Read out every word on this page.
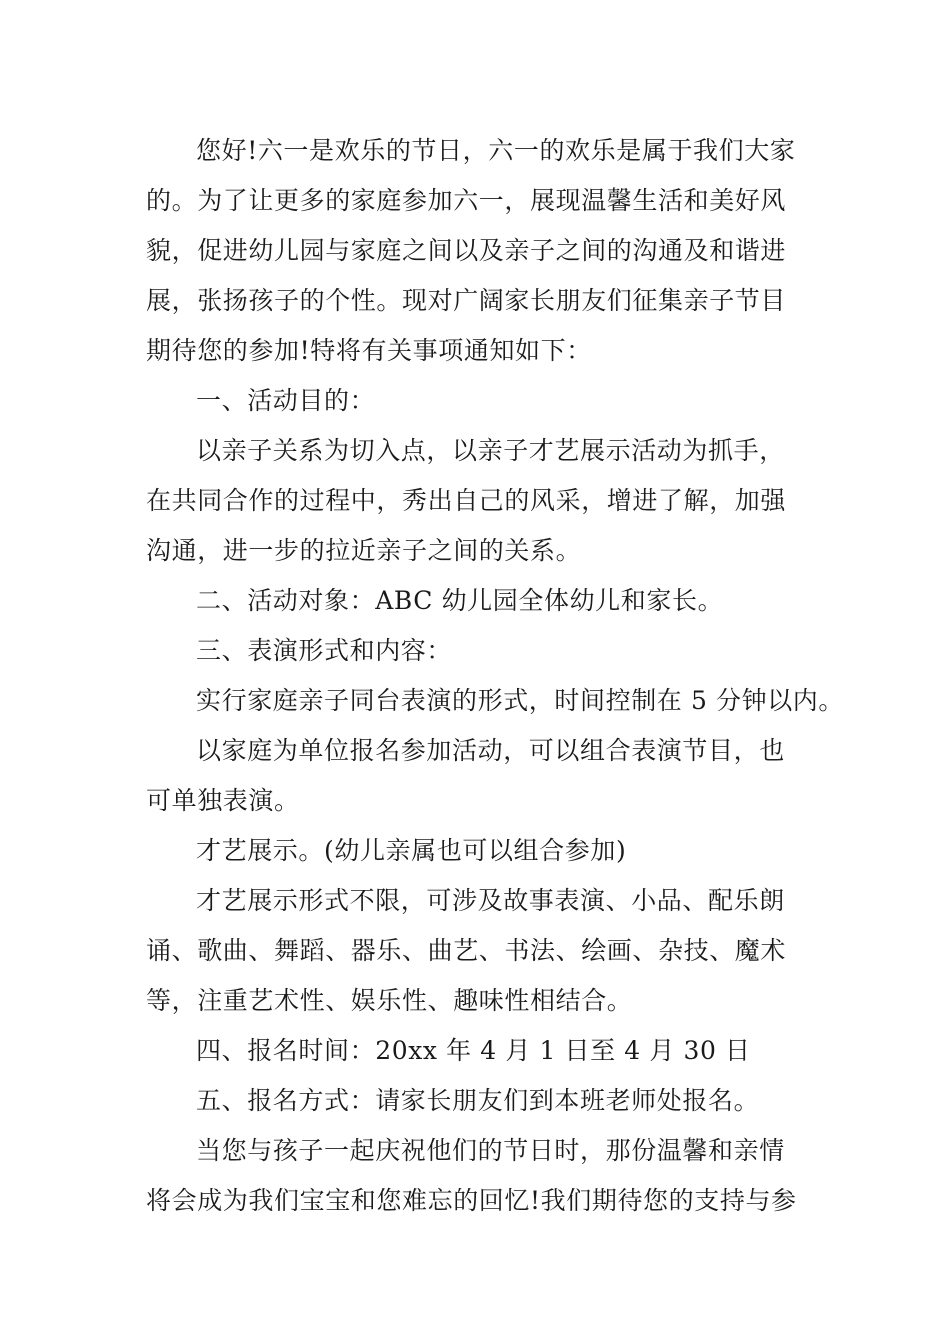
您好!六一是欢乐的节日，六一的欢乐是属于我们大家

的。为了让更多的家庭参加六一，展现温馨生活和美好风

貌，促进幼儿园与家庭之间以及亲子之间的沟通及和谐进

展，张扬孩子的个性。现对广阔家长朋友们征集亲子节目

期待您的参加!特将有关事项通知如下：

一、活动目的：

以亲子关系为切入点，以亲子才艺展示活动为抓手，

在共同合作的过程中，秀出自己的风采，增进了解，加强

沟通，进一步的拉近亲子之间的关系。

二、活动对象：ABC 幼儿园全体幼儿和家长。

三、表演形式和内容：

实行家庭亲子同台表演的形式，时间控制在 5 分钟以内。

以家庭为单位报名参加活动，可以组合表演节目，也

可单独表演。

才艺展示。(幼儿亲属也可以组合参加)

才艺展示形式不限，可涉及故事表演、小品、配乐朗

诵、歌曲、舞蹈、器乐、曲艺、书法、绘画、杂技、魔术

等，注重艺术性、娱乐性、趣味性相结合。

四、报名时间：20xx 年 4 月 1 日至 4 月 30 日

五、报名方式：请家长朋友们到本班老师处报名。

当您与孩子一起庆祝他们的节日时，那份温馨和亲情

将会成为我们宝宝和您难忘的回忆!我们期待您的支持与参
